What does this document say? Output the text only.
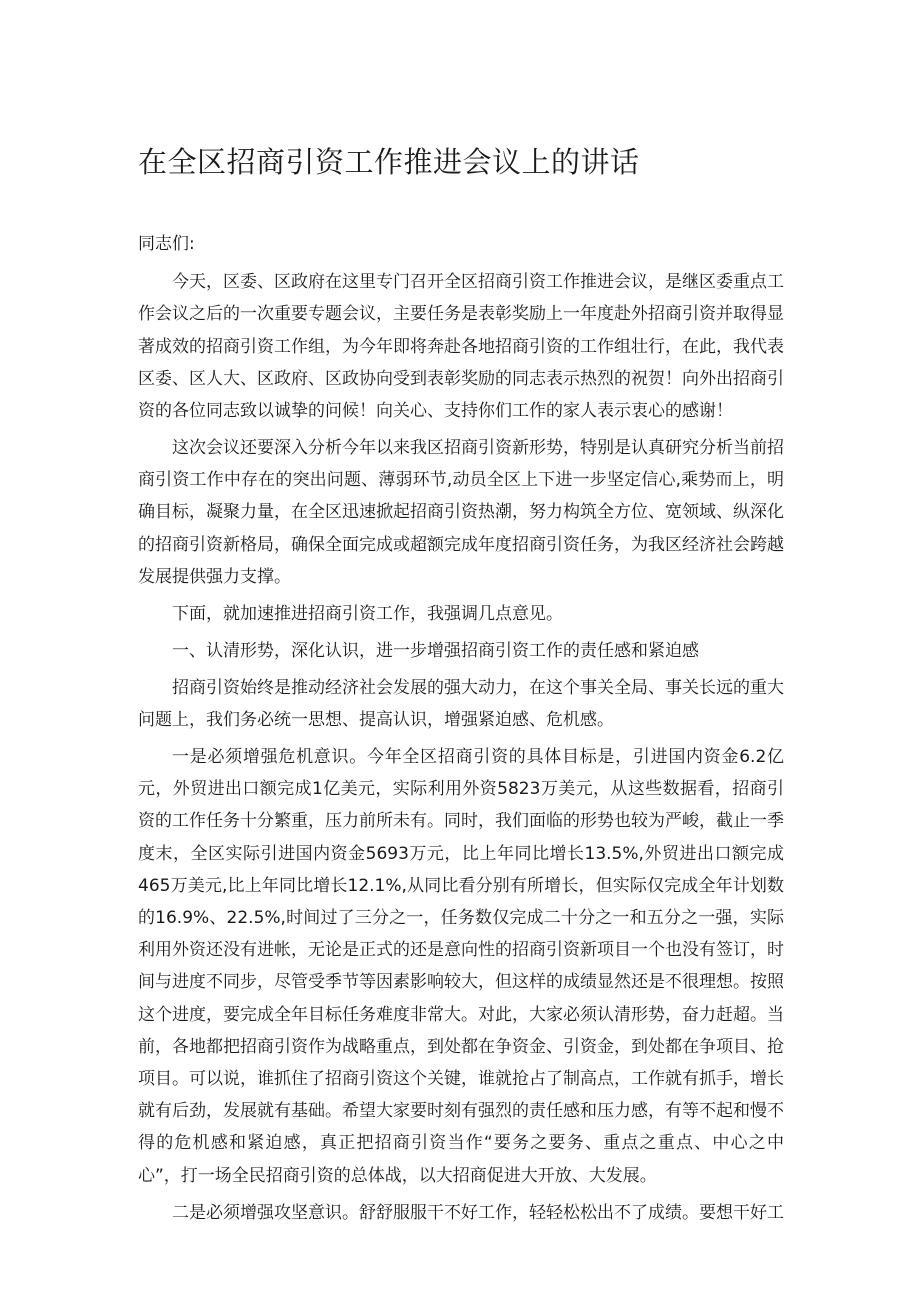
在全区招商引资工作推进会议上的讲话

同志们:

今天，区委、区政府在这里专门召开全区招商引资工作推进会议，是继区委重点工作会议之后的一次重要专题会议，主要任务是表彰奖励上一年度赴外招商引资并取得显著成效的招商引资工作组，为今年即将奔赴各地招商引资的工作组壮行，在此，我代表区委、区人大、区政府、区政协向受到表彰奖励的同志表示热烈的祝贺！向外出招商引资的各位同志致以诚挚的问候！向关心、支持你们工作的家人表示衷心的感谢！

这次会议还要深入分析今年以来我区招商引资新形势，特别是认真研究分析当前招商引资工作中存在的突出问题、薄弱环节,动员全区上下进一步坚定信心,乘势而上，明确目标，凝聚力量，在全区迅速掀起招商引资热潮，努力构筑全方位、宽领域、纵深化的招商引资新格局，确保全面完成或超额完成年度招商引资任务，为我区经济社会跨越发展提供强力支撑。

下面，就加速推进招商引资工作，我强调几点意见。

一、认清形势，深化认识，进一步增强招商引资工作的责任感和紧迫感

招商引资始终是推动经济社会发展的强大动力，在这个事关全局、事关长远的重大问题上，我们务必统一思想、提高认识，增强紧迫感、危机感。

一是必须增强危机意识。今年全区招商引资的具体目标是，引进国内资金6.2亿元，外贸进出口额完成1亿美元，实际利用外资5823万美元，从这些数据看，招商引资的工作任务十分繁重，压力前所未有。同时，我们面临的形势也较为严峻，截止一季度末，全区实际引进国内资金5693万元，比上年同比增长13.5%,外贸进出口额完成465万美元,比上年同比增长12.1%,从同比看分别有所增长，但实际仅完成全年计划数的16.9%、22.5%,时间过了三分之一，任务数仅完成二十分之一和五分之一强，实际利用外资还没有进帐，无论是正式的还是意向性的招商引资新项目一个也没有签订，时间与进度不同步，尽管受季节等因素影响较大，但这样的成绩显然还是不很理想。按照这个进度，要完成全年目标任务难度非常大。对此，大家必须认清形势，奋力赶超。当前，各地都把招商引资作为战略重点，到处都在争资金、引资金，到处都在争项目、抢项目。可以说，谁抓住了招商引资这个关键，谁就抢占了制高点，工作就有抓手，增长就有后劲，发展就有基础。希望大家要时刻有强烈的责任感和压力感，有等不起和慢不得的危机感和紧迫感，真正把招商引资当作“要务之要务、重点之重点、中心之中心”，打一场全民招商引资的总体战，以大招商促进大开放、大发展。

二是必须增强攻坚意识。舒舒服服干不好工作，轻轻松松出不了成绩。要想干好工
